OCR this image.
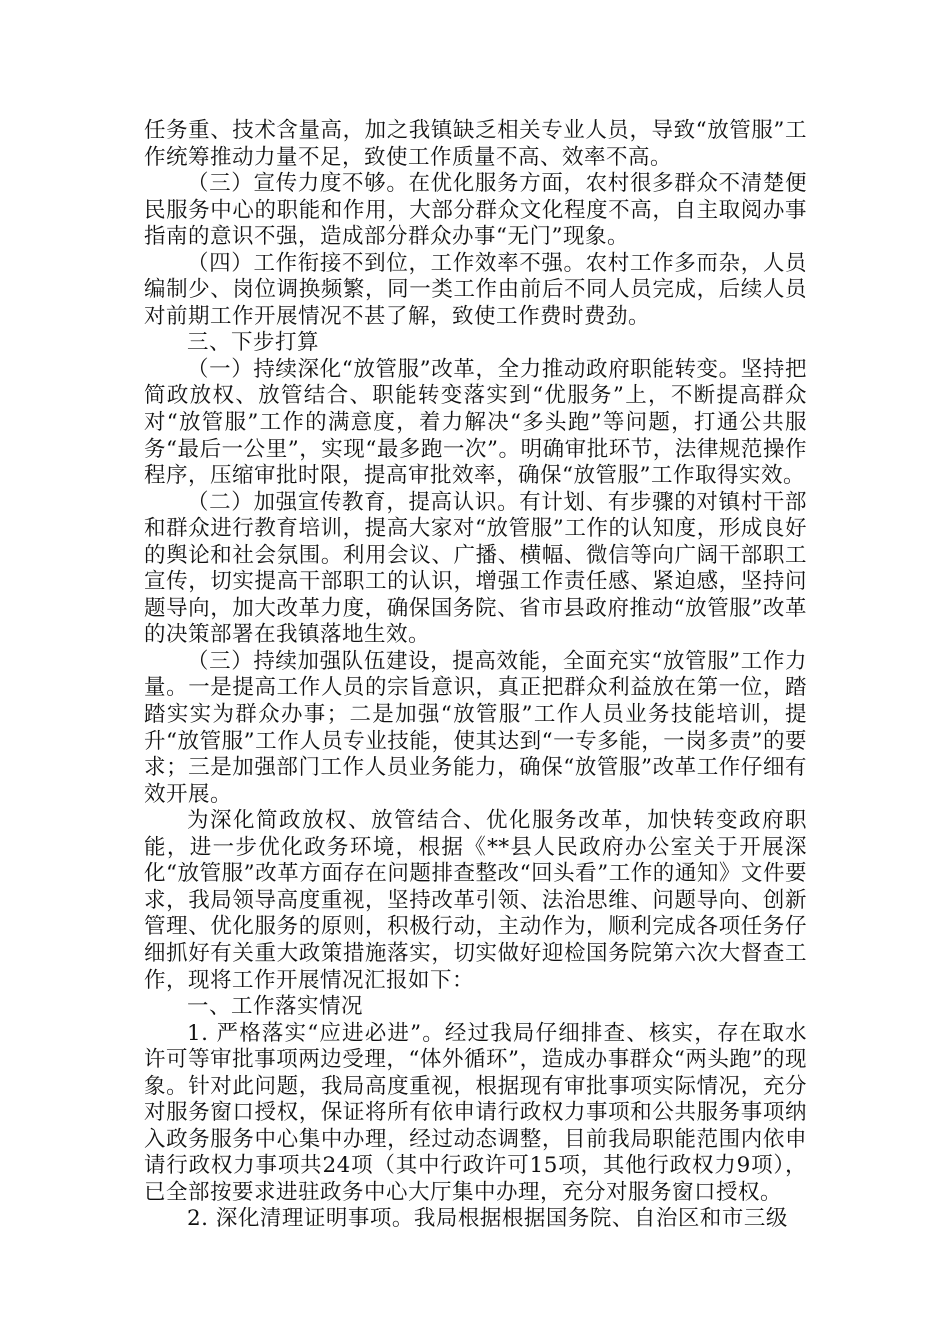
任务重、技术含量高，加之我镇缺乏相关专业人员，导致“放管服”工作统筹推动力量不足，致使工作质量不高、效率不高。

（三）宣传力度不够。在优化服务方面，农村很多群众不清楚便民服务中心的职能和作用，大部分群众文化程度不高，自主取阅办事指南的意识不强，造成部分群众办事“无门”现象。

（四）工作衔接不到位，工作效率不强。农村工作多而杂，人员编制少、岗位调换频繁，同一类工作由前后不同人员完成，后续人员对前期工作开展情况不甚了解，致使工作费时费劲。

三、下步打算

（一）持续深化“放管服”改革，全力推动政府职能转变。坚持把简政放权、放管结合、职能转变落实到“优服务”上，不断提高群众对“放管服”工作的满意度，着力解决“多头跑”等问题，打通公共服务“最后一公里”，实现“最多跑一次”。明确审批环节，法律规范操作程序，压缩审批时限，提高审批效率，确保“放管服”工作取得实效。

（二）加强宣传教育，提高认识。有计划、有步骤的对镇村干部和群众进行教育培训，提高大家对“放管服”工作的认知度，形成良好的舆论和社会氛围。利用会议、广播、横幅、微信等向广阔干部职工宣传，切实提高干部职工的认识，增强工作责任感、紧迫感，坚持问题导向，加大改革力度，确保国务院、省市县政府推动“放管服”改革的决策部署在我镇落地生效。

（三）持续加强队伍建设，提高效能，全面充实“放管服”工作力量。一是提高工作人员的宗旨意识，真正把群众利益放在第一位，踏踏实实为群众办事；二是加强“放管服”工作人员业务技能培训，提升“放管服”工作人员专业技能，使其达到“一专多能，一岗多责”的要求；三是加强部门工作人员业务能力，确保“放管服”改革工作仔细有效开展。

为深化简政放权、放管结合、优化服务改革，加快转变政府职能，进一步优化政务环境，根据《**县人民政府办公室关于开展深化“放管服”改革方面存在问题排查整改“回头看”工作的通知》文件要求，我局领导高度重视，坚持改革引领、法治思维、问题导向、创新管理、优化服务的原则，积极行动，主动作为，顺利完成各项任务仔细抓好有关重大政策措施落实，切实做好迎检国务院第六次大督查工作，现将工作开展情况汇报如下：

一、工作落实情况

1. 严格落实“应进必进”。经过我局仔细排查、核实，存在取水许可等审批事项两边受理，“体外循环”，造成办事群众“两头跑”的现象。针对此问题，我局高度重视，根据现有审批事项实际情况，充分对服务窗口授权，保证将所有依申请行政权力事项和公共服务事项纳入政务服务中心集中办理，经过动态调整，目前我局职能范围内依申请行政权力事项共24项（其中行政许可15项，其他行政权力9项），已全部按要求进驻政务中心大厅集中办理，充分对服务窗口授权。

2. 深化清理证明事项。我局根据根据国务院、自治区和市三级
